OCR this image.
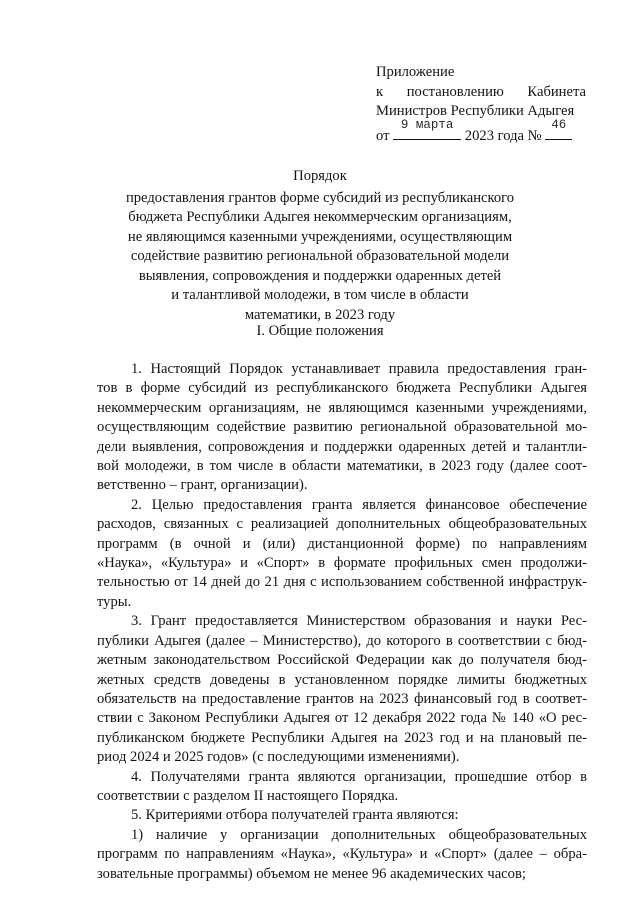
Приложение
к постановлению Кабинета
Министров Республики Адыгея
от
9 марта
2023 года №
46
Порядок
предоставления грантов форме субсидий из республиканского
бюджета Республики Адыгея некоммерческим организациям,
не являющимся казенными учреждениями, осуществляющим
содействие развитию региональной образовательной модели
выявления, сопровождения и поддержки одаренных детей
и талантливой молодежи, в том числе в области
математики, в 2023 году
I. Общие положения
1. Настоящий Порядок устанавливает правила предоставления гран-
тов в форме субсидий из республиканского бюджета Республики Адыгея
некоммерческим организациям, не являющимся казенными учреждениями,
осуществляющим содействие развитию региональной образовательной мо-
дели выявления, сопровождения и поддержки одаренных детей и талантли-
вой молодежи, в том числе в области математики, в 2023 году (далее соот-
ветственно – грант, организации).
2. Целью предоставления гранта является финансовое обеспечение
расходов, связанных с реализацией дополнительных общеобразовательных
программ (в очной и (или) дистанционной форме) по направлениям
«Наука», «Культура» и «Спорт» в формате профильных смен продолжи-
тельностью от 14 дней до 21 дня с использованием собственной инфраструк-
туры.
3. Грант предоставляется Министерством образования и науки Рес-
публики Адыгея (далее – Министерство), до которого в соответствии с бюд-
жетным законодательством Российской Федерации как до получателя бюд-
жетных средств доведены в установленном порядке лимиты бюджетных
обязательств на предоставление грантов на 2023 финансовый год в соответ-
ствии с Законом Республики Адыгея от 12 декабря 2022 года № 140 «О рес-
публиканском бюджете Республики Адыгея на 2023 год и на плановый пе-
риод 2024 и 2025 годов» (с последующими изменениями).
4. Получателями гранта являются организации, прошедшие отбор в
соответствии с разделом II настоящего Порядка.
5. Критериями отбора получателей гранта являются:
1) наличие у организации дополнительных общеобразовательных
программ по направлениям «Наука», «Культура» и «Спорт» (далее – обра-
зовательные программы) объемом не менее 96 академических часов;
